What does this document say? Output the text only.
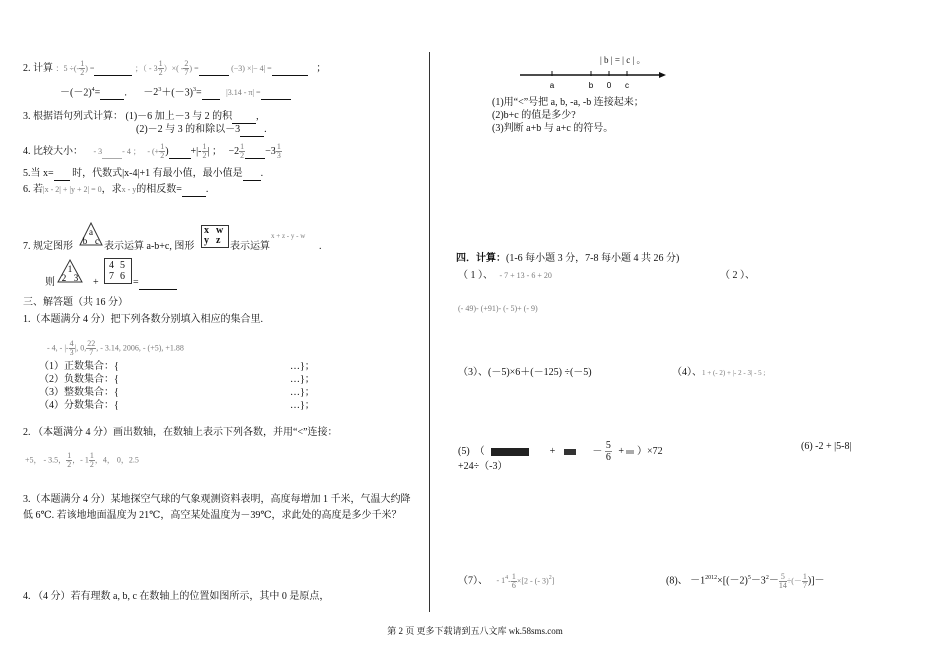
2. 计算 ：5 ÷(- $\frac{1}{2}$ ) =	；（ - $3 \frac{1}{2}$ ）×( - $\frac{2}{7}$ ) =	(−3) ×|− 4| =	；
$-(-2)^4=$ . $-2^3+(-3)^3=$	|3.14 - π| =
3. 根据语句列式计算： (1)－6 加上－3 与 2 的积 ,
(2)－2 与 3 的和除以－3 .
4. 比较大小： - 3	- 4 ； - (+ $\frac{1}{2}$ ) +|- $\frac{1}{2}$ | ； $-2 \frac{1}{2} -3 \frac{1}{3}$
5.当 x= 时，代数式|x-4|+1 有最小值，最小值是 .
6. 若|x - 2| + |y + 2| = 0，求x - y的相反数= .
7. 规定图形
a
b c 表示运算 a-b+c, 图形
x w
y z
表示运算
x + z - y - w
.
则
1
2 3 +
4 5
7 6
=
三、解答题（共 16 分）
1.（本题满分 4 分）把下列各数分别填入相应的集合里.
- 4, - |- $\frac{4}{3}$ |, 0, $\frac{22}{7}$ , - 3.14, 2006, - (+5), +1.88
（1）正数集合：{	…}；
（2）负数集合：{	…}；
（3）整数集合：{	…}；
（4）分数集合：{	…}；
2. （本题满分 4 分）画出数轴，在数轴上表示下列各数，并用“<”连接：
+5， - 3.5， $\frac{1}{2}$ ，- $1 \frac{1}{2}$ ，4， 0，2.5
3.（本题满分 4 分）某地探空气球的气象观测资料表明，高度每增加 1 千米，气温大约降
低 6℃. 若该地地面温度为 21℃，高空某处温度为－39℃，求此处的高度是多少千米？
4. （4 分）若有理数 a, b, c 在数轴上的位置如图所示，其中 0 是原点，
| b | = | c | 。
a	b 0 c
(1)用“<”号把 a, b, -a, -b 连接起来；
(2)b+c 的值是多少?
(3)判断 a+b 与 a+c 的符号。
四．计算：(1-6 每小题 3 分，7-8 每小题 4 共 26 分)
（ 1 ）、 - 7 + 13 - 6 + 20	（ 2 ）、
(- 49)- (+91)- (- 5)+ (- 9)
（3）、(－5)×6＋(－125) ÷(－5)	（4）、1 + (- 2) + |- 2 - 3| - 5 ;
(5)　（	+	－ $\frac{5}{6} + )\times 72$	(6) -2 + |5-8|
+24÷（-3）
（7）、 - $1^4- \frac{1}{6} \times[2$ - (- 3)$^2$]	(8)、 $-1^{2012}\times[(-2)^5-3^2- \frac{5}{14}$ ÷(－ $\frac{1}{7}$ )]－
第 2 页 更多下载请到五八文库 wk.58sms.com
